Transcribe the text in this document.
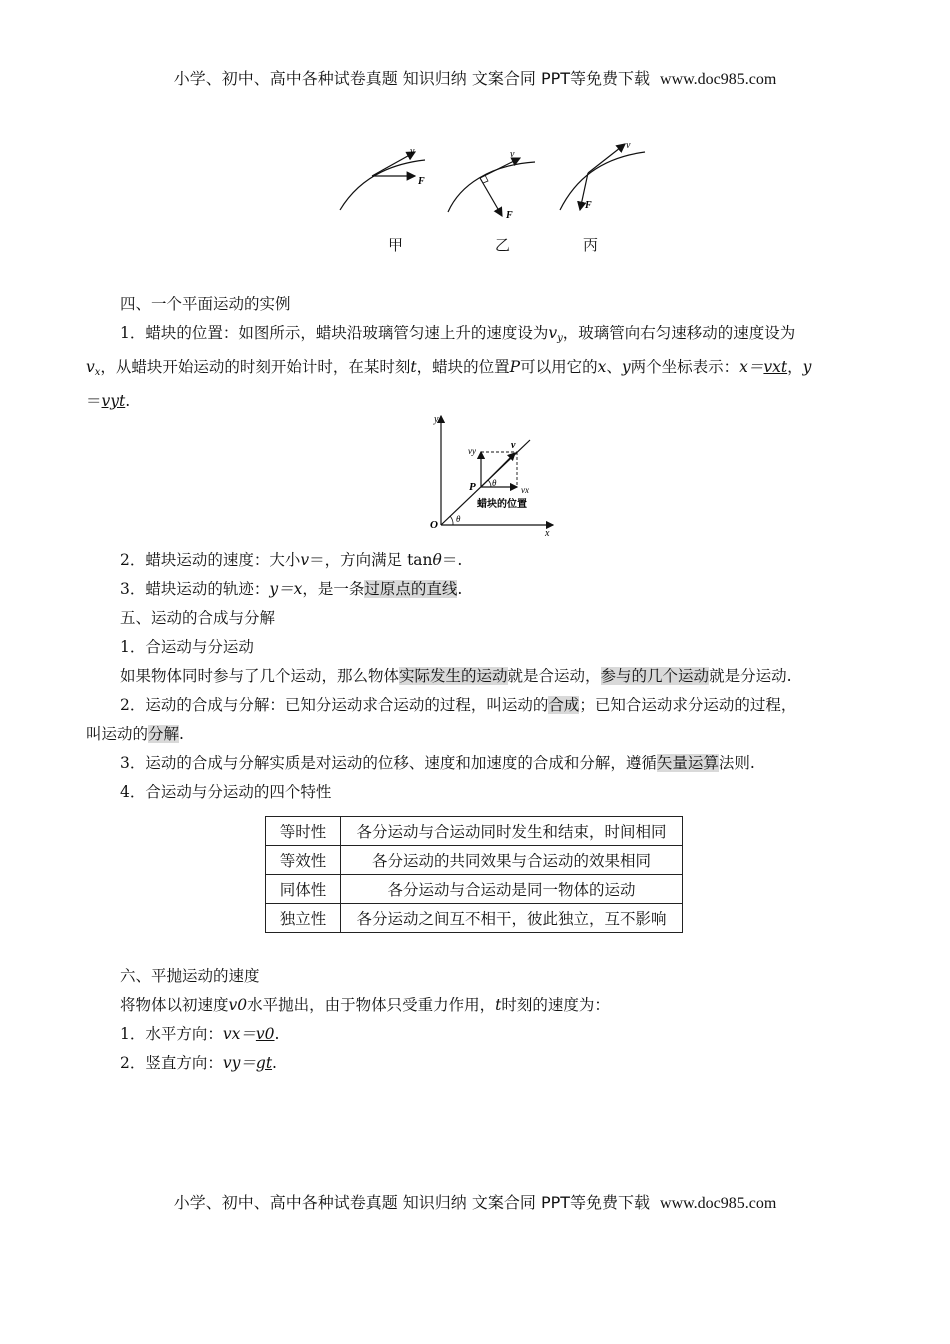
小学、初中、高中各种试卷真题 知识归纳 文案合同 PPT等免费下载 www.doc985.com
v
F
v
F
v
F
甲	乙	丙
四、一个平面运动的实例
1．蜡块的位置：如图所示，蜡块沿玻璃管匀速上升的速度设为$v_y$，玻璃管向右匀速移动的速度设为
$v_x$，从蜡块开始运动的时刻开始计时，在某时刻t，蜡块的位置P可以用它的x、y两个坐标表示：x＝vxt，y
＝vyt.
y
x
O
vy	v
vx
P θ
θ
蜡块的位置
2．蜡块运动的速度：大小v＝，方向满足 tanθ＝.
3．蜡块运动的轨迹：y＝x，是一条过原点的直线.
五、运动的合成与分解
1．合运动与分运动
如果物体同时参与了几个运动，那么物体实际发生的运动就是合运动，参与的几个运动就是分运动.
2．运动的合成与分解：已知分运动求合运动的过程，叫运动的合成；已知合运动求分运动的过程，
叫运动的分解.
3．运动的合成与分解实质是对运动的位移、速度和加速度的合成和分解，遵循矢量运算法则.
4．合运动与分运动的四个特性
等时性	各分运动与合运动同时发生和结束，时间相同
等效性	各分运动的共同效果与合运动的效果相同
同体性	各分运动与合运动是同一物体的运动
独立性	各分运动之间互不相干，彼此独立，互不影响
六、平抛运动的速度
将物体以初速度v0水平抛出，由于物体只受重力作用，t时刻的速度为：
1．水平方向：vx＝v0.
2．竖直方向：vy＝gt.
小学、初中、高中各种试卷真题 知识归纳 文案合同 PPT等免费下载 www.doc985.com
